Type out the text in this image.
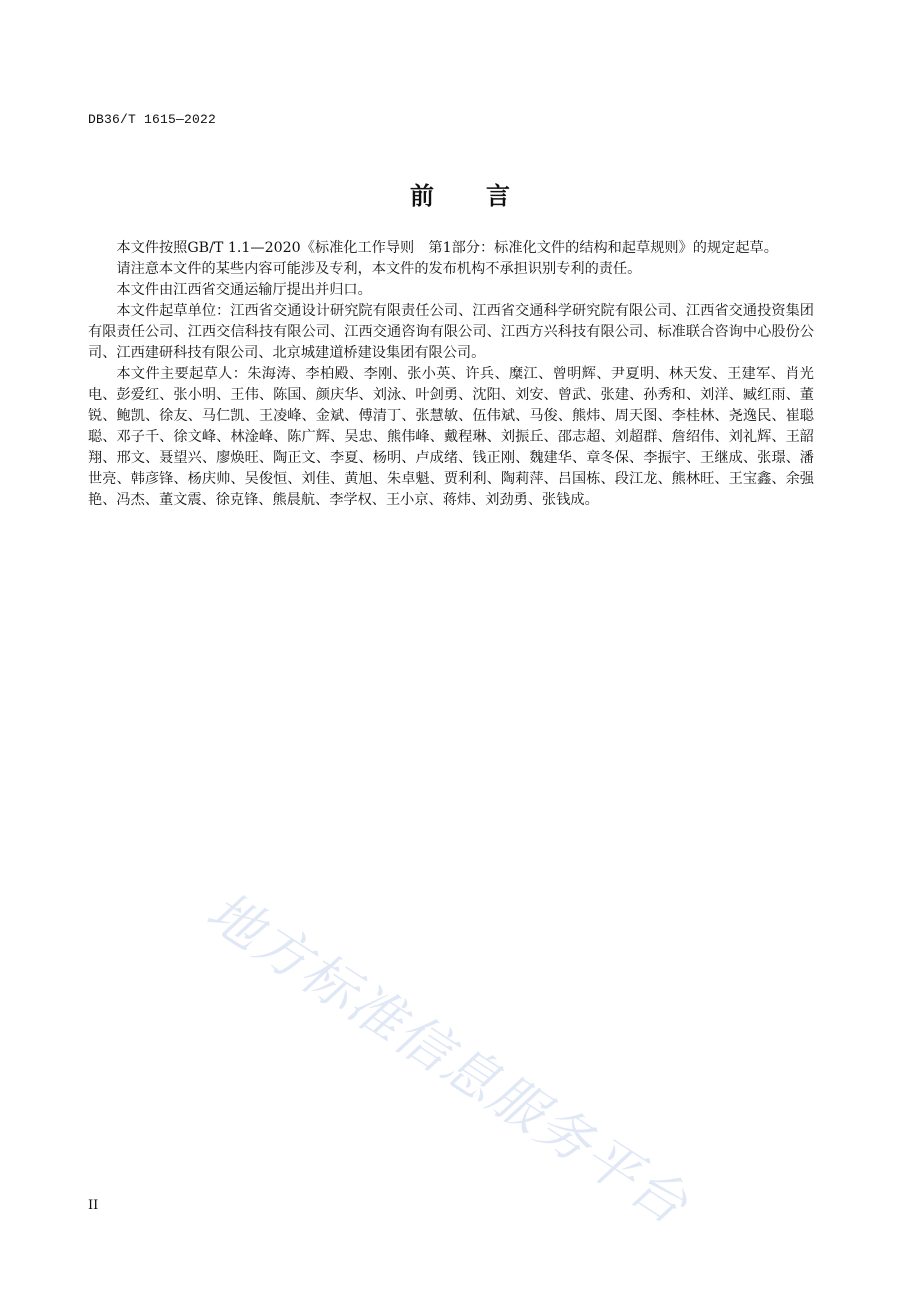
DB36/T 1615—2022
前 言

本文件按照GB/T 1.1—2020《标准化工作导则　第1部分：标准化文件的结构和起草规则》的规定起草。

请注意本文件的某些内容可能涉及专利，本文件的发布机构不承担识别专利的责任。

本文件由江西省交通运输厅提出并归口。

本文件起草单位：江西省交通设计研究院有限责任公司、江西省交通科学研究院有限公司、江西省交通投资集团有限责任公司、江西交信科技有限公司、江西交通咨询有限公司、江西方兴科技有限公司、标准联合咨询中心股份公司、江西建研科技有限公司、北京城建道桥建设集团有限公司。

本文件主要起草人：朱海涛、李柏殿、李刚、张小英、许兵、糜江、曾明辉、尹夏明、林天发、王建军、肖光电、彭爱红、张小明、王伟、陈国、颜庆华、刘泳、叶剑勇、沈阳、刘安、曾武、张建、孙秀和、刘洋、臧红雨、董锐、鲍凯、徐友、马仁凯、王凌峰、金斌、傅清丁、张慧敏、伍伟斌、马俊、熊炜、周天图、李桂林、尧逸民、崔聪聪、邓子千、徐文峰、林淦峰、陈广辉、吴忠、熊伟峰、戴程琳、刘振丘、邵志超、刘超群、詹绍伟、刘礼辉、王韶翔、邢文、聂望兴、廖焕旺、陶正文、李夏、杨明、卢成绪、钱正刚、魏建华、章冬保、李振宇、王继成、张璟、潘世亮、韩彦锋、杨庆帅、吴俊恒、刘佳、黄旭、朱卓魁、贾利利、陶莉萍、吕国栋、段江龙、熊林旺、王宝鑫、余强艳、冯杰、董文震、徐克锋、熊晨航、李学权、王小京、蒋炜、刘劲勇、张钱成。

地方标准信息服务平台
II
